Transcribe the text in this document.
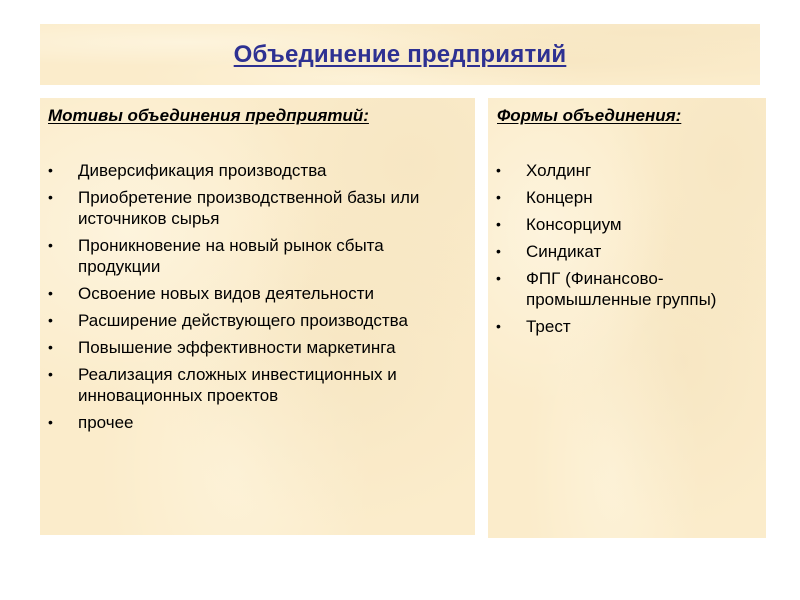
Объединение предприятий

Мотивы объединения предприятий:

• Диверсификация производства
• Приобретение производственной базы или источников сырья
• Проникновение на новый рынок сбыта продукции
• Освоение новых видов деятельности
• Расширение действующего производства
• Повышение эффективности маркетинга
• Реализация сложных инвестиционных и инновационных проектов
• прочее

Формы объединения:

• Холдинг
• Концерн
• Консорциум
• Синдикат
• ФПГ (Финансово-промышленные группы)
• Трест
